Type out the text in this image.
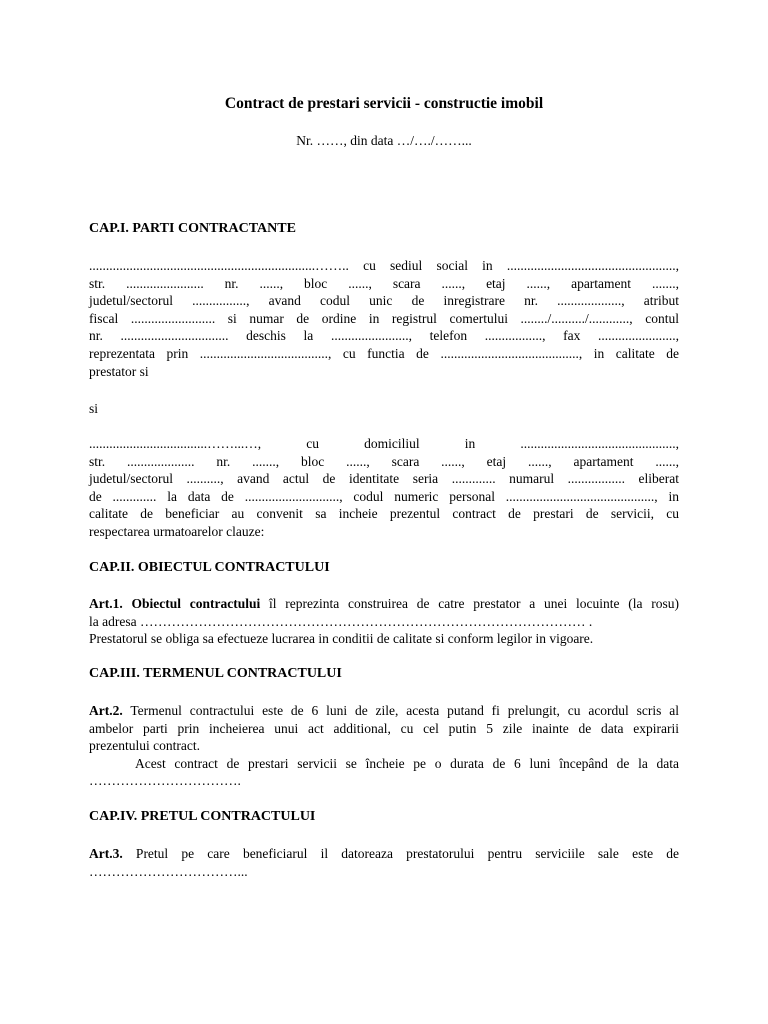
Contract de prestari servicii - constructie imobil
Nr. ……, din data …/…./……...
CAP.I. PARTI CONTRACTANTE
...................................................................…….. cu sediul social in ..................................................,
str. ....................... nr. ......, bloc ......, scara ......, etaj ......, apartament .......,
judetul/sectorul ................, avand codul unic de inregistrare nr. ..................., atribut
fiscal ......................... si numar de ordine in registrul comertului ......../........../............, contul
nr. ................................ deschis la ......................., telefon ................., fax .......................,
reprezentata prin ......................................, cu functia de ........................................., in calitate de
prestator si
si
...................................……...…, cu domiciliul in ..............................................,
str. .................... nr. ......., bloc ......, scara ......, etaj ......, apartament ......,
judetul/sectorul .........., avand actul de identitate seria ............. numarul ................. eliberat
de ............. la data de ............................, codul numeric personal ............................................, in
calitate de beneficiar au convenit sa incheie prezentul contract de prestari de servicii, cu
respectarea urmatoarelor clauze:
CAP.II. OBIECTUL CONTRACTULUI
Art.1. Obiectul contractului îl reprezinta construirea de catre prestator a unei locuinte (la rosu)
la adresa ……………………………………………………………………………………… .
Prestatorul se obliga sa efectueze lucrarea in conditii de calitate si conform legilor in vigoare.
CAP.III. TERMENUL CONTRACTULUI
Art.2. Termenul contractului este de 6 luni de zile, acesta putand fi prelungit, cu acordul scris al
ambelor parti prin incheierea unui act additional, cu cel putin 5 zile inainte de data expirarii
prezentului contract.
Acest contract de prestari servicii se încheie pe o durata de 6 luni începând de la data
…………………………….
CAP.IV. PRETUL CONTRACTULUI
Art.3. Pretul pe care beneficiarul il datoreaza prestatorului pentru serviciile sale este de
……………………………...
